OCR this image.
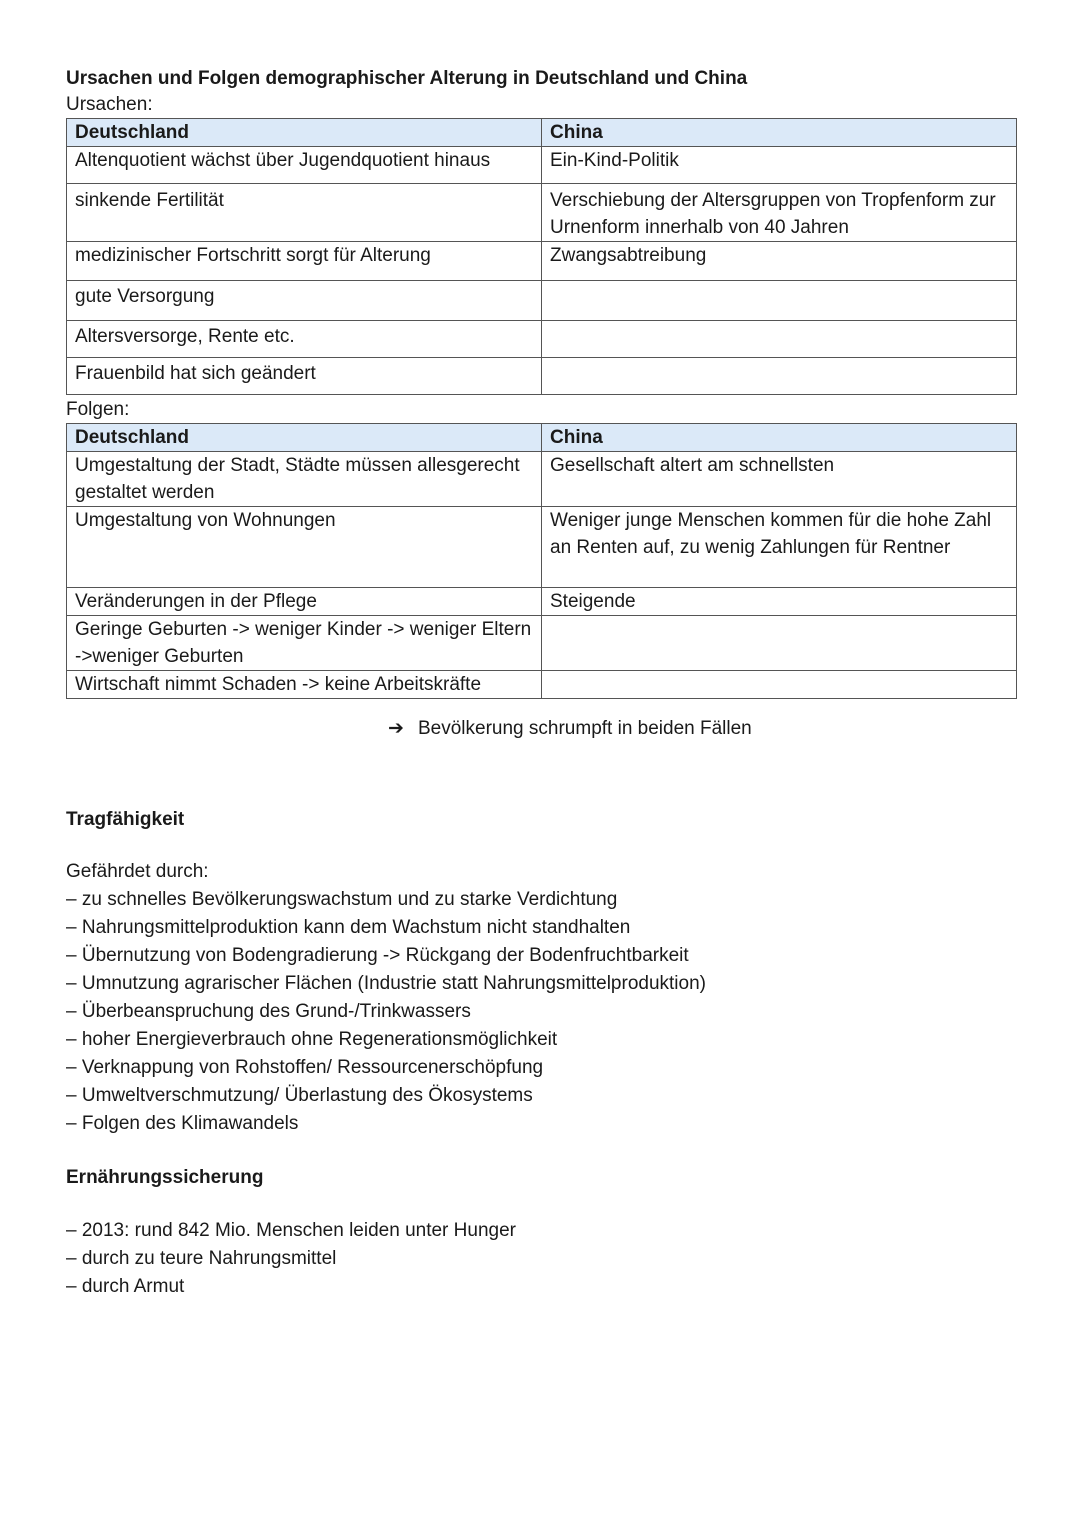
Ursachen und Folgen demographischer Alterung in Deutschland und China

Ursachen:

Deutschland	China
Altenquotient wächst über Jugendquotient hinaus	Ein-Kind-Politik
sinkende Fertilität	Verschiebung der Altersgruppen von Tropfenform zur Urnenform innerhalb von 40 Jahren
medizinischer Fortschritt sorgt für Alterung	Zwangsabtreibung
gute Versorgung	
Altersversorge, Rente etc.	
Frauenbild hat sich geändert	

Folgen:

Deutschland	China
Umgestaltung der Stadt, Städte müssen allesgerecht gestaltet werden	Gesellschaft altert am schnellsten
Umgestaltung von Wohnungen	Weniger junge Menschen kommen für die hohe Zahl an Renten auf, zu wenig Zahlungen für Rentner
Veränderungen in der Pflege	Steigende

Geringe Geburten -> weniger Kinder -> weniger Eltern
->weniger Geburten	

Wirtschaft nimmt Schaden -> keine Arbeitskräfte	

➔ Bevölkerung schrumpft in beiden Fällen

Tragfähigkeit

Gefährdet durch:

– zu schnelles Bevölkerungswachstum und zu starke Verdichtung
– Nahrungsmittelproduktion kann dem Wachstum nicht standhalten
– Übernutzung von Bodengradierung -> Rückgang der Bodenfruchtbarkeit
– Umnutzung agrarischer Flächen (Industrie statt Nahrungsmittelproduktion)
– Überbeanspruchung des Grund-/Trinkwassers
– hoher Energieverbrauch ohne Regenerationsmöglichkeit
– Verknappung von Rohstoffen/ Ressourcenerschöpfung
– Umweltverschmutzung/ Überlastung des Ökosystems
– Folgen des Klimawandels
Ernährungssicherung
– 2013: rund 842 Mio. Menschen leiden unter Hunger
– durch zu teure Nahrungsmittel
– durch Armut
